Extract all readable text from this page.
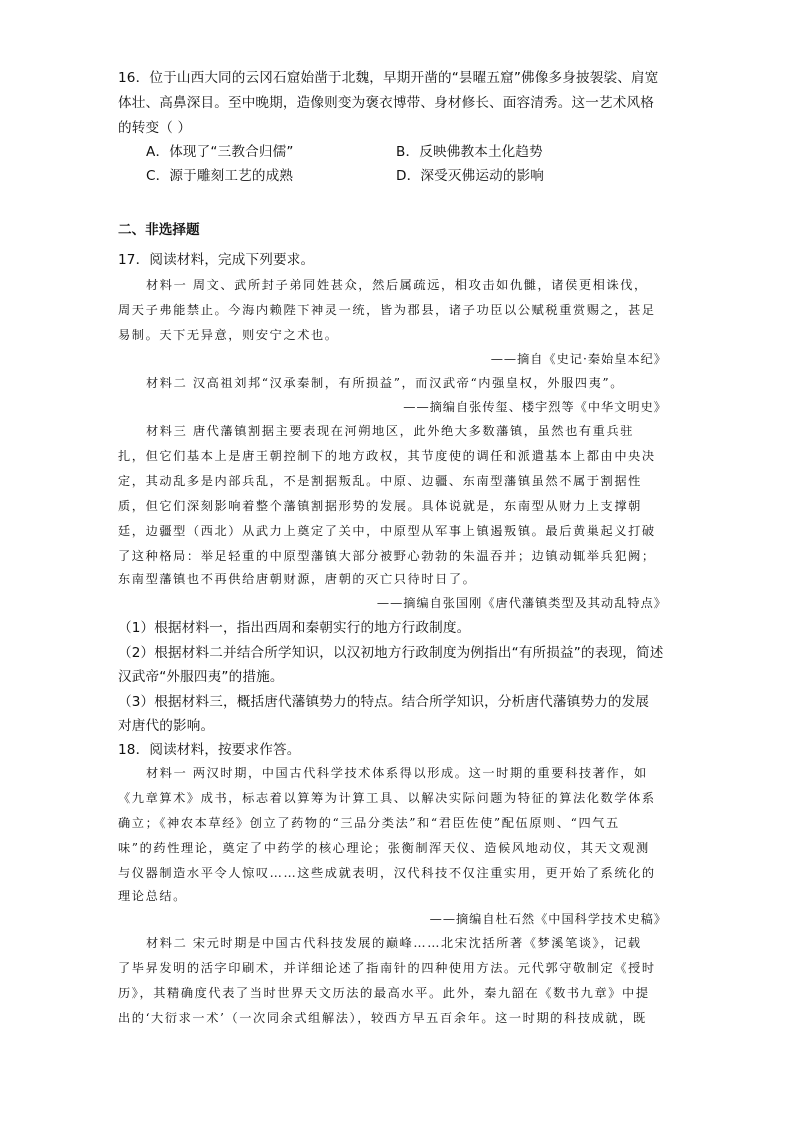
16．位于山西大同的云冈石窟始凿于北魏，早期开凿的“昙曜五窟”佛像多身披袈裟、肩宽
体壮、高鼻深目。至中晚期，造像则变为褒衣博带、身材修长、面容清秀。这一艺术风格
的转变（ ）
A．体现了“三教合归儒”	B．反映佛教本土化趋势
C．源于雕刻工艺的成熟	D．深受灭佛运动的影响
二、非选择题
17．阅读材料，完成下列要求。
材料一 周文、武所封子弟同姓甚众，然后属疏远，相攻击如仇雠，诸侯更相诛伐，
周天子弗能禁止。今海内赖陛下神灵一统，皆为郡县，诸子功臣以公赋税重赏赐之，甚足
易制。天下无异意，则安宁之术也。
——摘自《史记·秦始皇本纪》
材料二 汉高祖刘邦“汉承秦制，有所损益”，而汉武帝“内强皇权，外服四夷”。
——摘编自张传玺、楼宇烈等《中华文明史》
材料三 唐代藩镇割据主要表现在河朔地区，此外绝大多数藩镇，虽然也有重兵驻
扎，但它们基本上是唐王朝控制下的地方政权，其节度使的调任和派遣基本上都由中央决
定，其动乱多是内部兵乱，不是割据叛乱。中原、边疆、东南型藩镇虽然不属于割据性
质，但它们深刻影响着整个藩镇割据形势的发展。具体说就是，东南型从财力上支撑朝
廷，边疆型（西北）从武力上奠定了关中，中原型从军事上镇遏叛镇。最后黄巢起义打破
了这种格局：举足轻重的中原型藩镇大部分被野心勃勃的朱温吞并；边镇动辄举兵犯阙；
东南型藩镇也不再供给唐朝财源，唐朝的灭亡只待时日了。
——摘编自张国刚《唐代藩镇类型及其动乱特点》
（1）根据材料一，指出西周和秦朝实行的地方行政制度。
（2）根据材料二并结合所学知识，以汉初地方行政制度为例指出“有所损益”的表现，简述
汉武帝“外服四夷”的措施。
（3）根据材料三，概括唐代藩镇势力的特点。结合所学知识，分析唐代藩镇势力的发展
对唐代的影响。
18．阅读材料，按要求作答。
材料一 两汉时期，中国古代科学技术体系得以形成。这一时期的重要科技著作，如
《九章算术》成书，标志着以算筹为计算工具、以解决实际问题为特征的算法化数学体系
确立；《神农本草经》创立了药物的“三品分类法”和“君臣佐使”配伍原则、“四气五
味”的药性理论，奠定了中药学的核心理论；张衡制浑天仪、造候风地动仪，其天文观测
与仪器制造水平令人惊叹……这些成就表明，汉代科技不仅注重实用，更开始了系统化的
理论总结。
——摘编自杜石然《中国科学技术史稿》
材料二 宋元时期是中国古代科技发展的巅峰……北宋沈括所著《梦溪笔谈》，记载
了毕昇发明的活字印刷术，并详细论述了指南针的四种使用方法。元代郭守敬制定《授时
历》，其精确度代表了当时世界天文历法的最高水平。此外，秦九韶在《数书九章》中提
出的‘大衍求一术’（一次同余式组解法），较西方早五百余年。这一时期的科技成就，既
